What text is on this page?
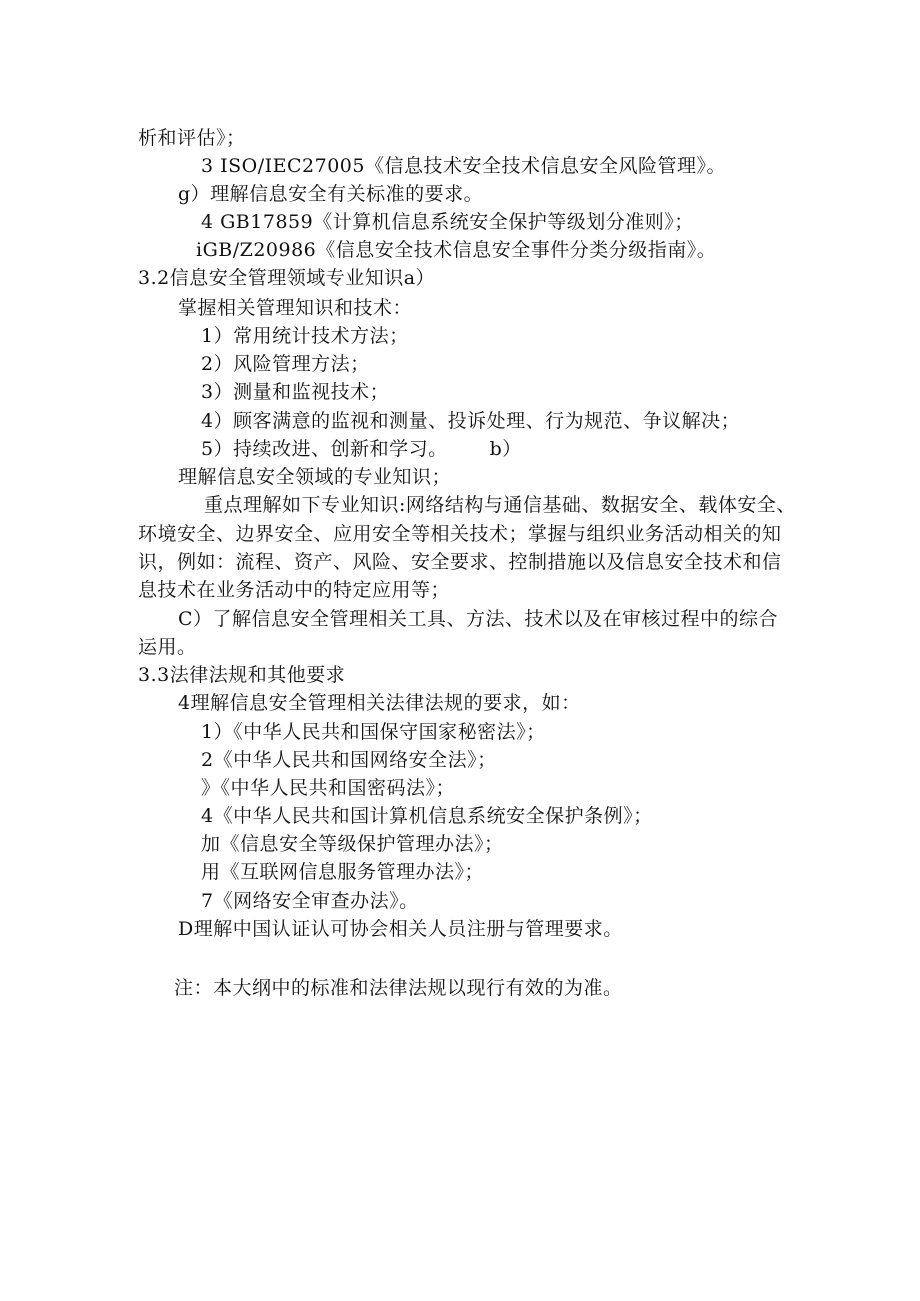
析和评估》；
3 ISO/IEC27005《信息技术安全技术信息安全风险管理》。
g）理解信息安全有关标准的要求。
4 GB17859《计算机信息系统安全保护等级划分准则》；
iGB/Z20986《信息安全技术信息安全事件分类分级指南》。
3.2信息安全管理领域专业知识a）
掌握相关管理知识和技术：
1）常用统计技术方法；
2）风险管理方法；
3）测量和监视技术；
4）顾客满意的监视和测量、投诉处理、行为规范、争议解决；
5）持续改进、创新和学习。 b）
理解信息安全领域的专业知识；
重点理解如下专业知识:网络结构与通信基础、数据安全、载体安全、
环境安全、边界安全、应用安全等相关技术；掌握与组织业务活动相关的知
识，例如：流程、资产、风险、安全要求、控制措施以及信息安全技术和信
息技术在业务活动中的特定应用等；
C）了解信息安全管理相关工具、方法、技术以及在审核过程中的综合
运用。
3.3法律法规和其他要求
4理解信息安全管理相关法律法规的要求，如：
1）《中华人民共和国保守国家秘密法》；
2《中华人民共和国网络安全法》；
》《中华人民共和国密码法》；
4《中华人民共和国计算机信息系统安全保护条例》；
加《信息安全等级保护管理办法》；
用《互联网信息服务管理办法》；
7《网络安全审查办法》。
D理解中国认证认可协会相关人员注册与管理要求。
注：本大纲中的标准和法律法规以现行有效的为准。
